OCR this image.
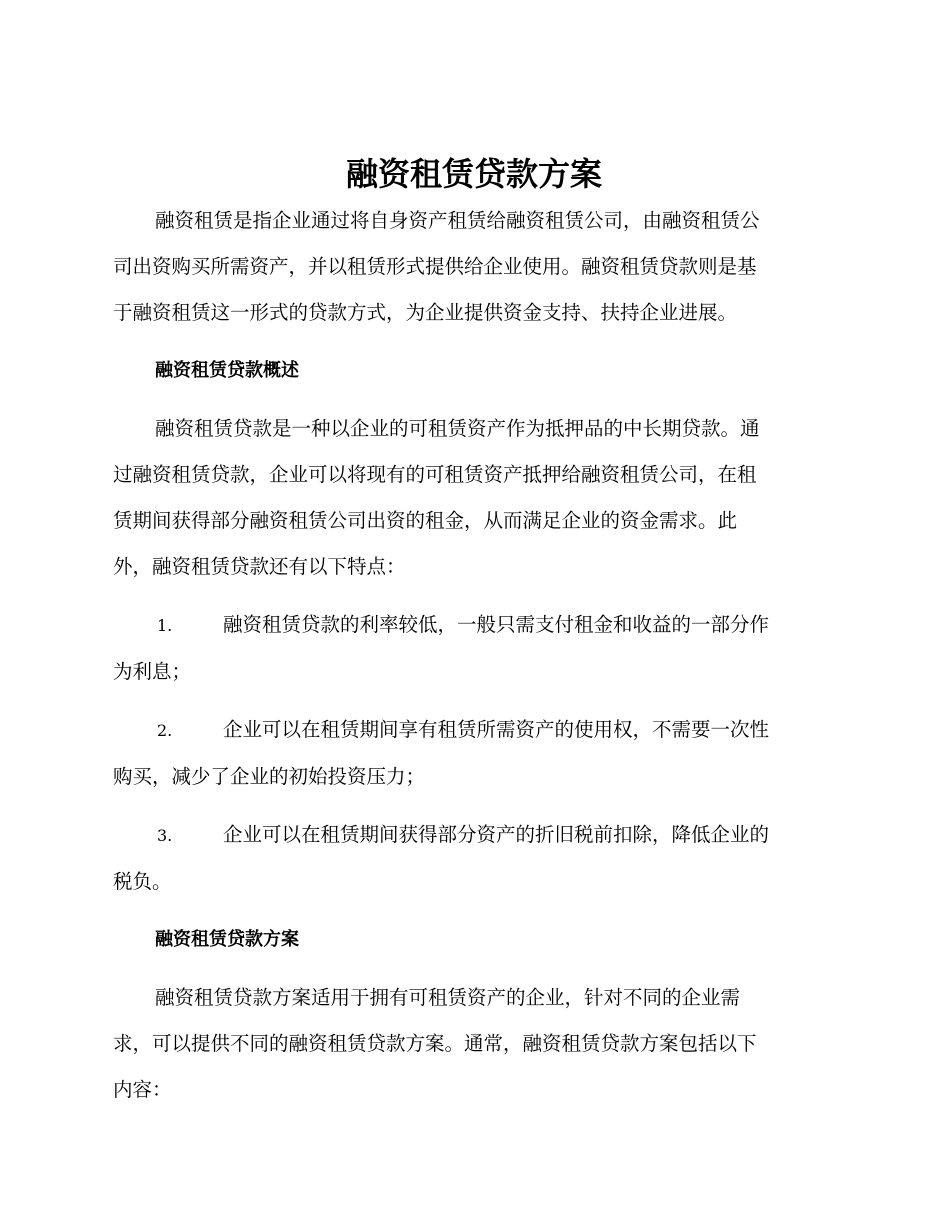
融资租赁贷款方案

融资租赁是指企业通过将自身资产租赁给融资租赁公司，由融资租赁公
司出资购买所需资产，并以租赁形式提供给企业使用。融资租赁贷款则是基
于融资租赁这一形式的贷款方式，为企业提供资金支持、扶持企业进展。

融资租赁贷款概述

融资租赁贷款是一种以企业的可租赁资产作为抵押品的中长期贷款。通
过融资租赁贷款，企业可以将现有的可租赁资产抵押给融资租赁公司，在租
赁期间获得部分融资租赁公司出资的租金，从而满足企业的资金需求。此
外，融资租赁贷款还有以下特点：

1.	融资租赁贷款的利率较低，一般只需支付租金和收益的一部分作
为利息；
2.	企业可以在租赁期间享有租赁所需资产的使用权，不需要一次性
购买，减少了企业的初始投资压力；
3.	企业可以在租赁期间获得部分资产的折旧税前扣除，降低企业的
税负。
融资租赁贷款方案

融资租赁贷款方案适用于拥有可租赁资产的企业，针对不同的企业需
求，可以提供不同的融资租赁贷款方案。通常，融资租赁贷款方案包括以下
内容：
